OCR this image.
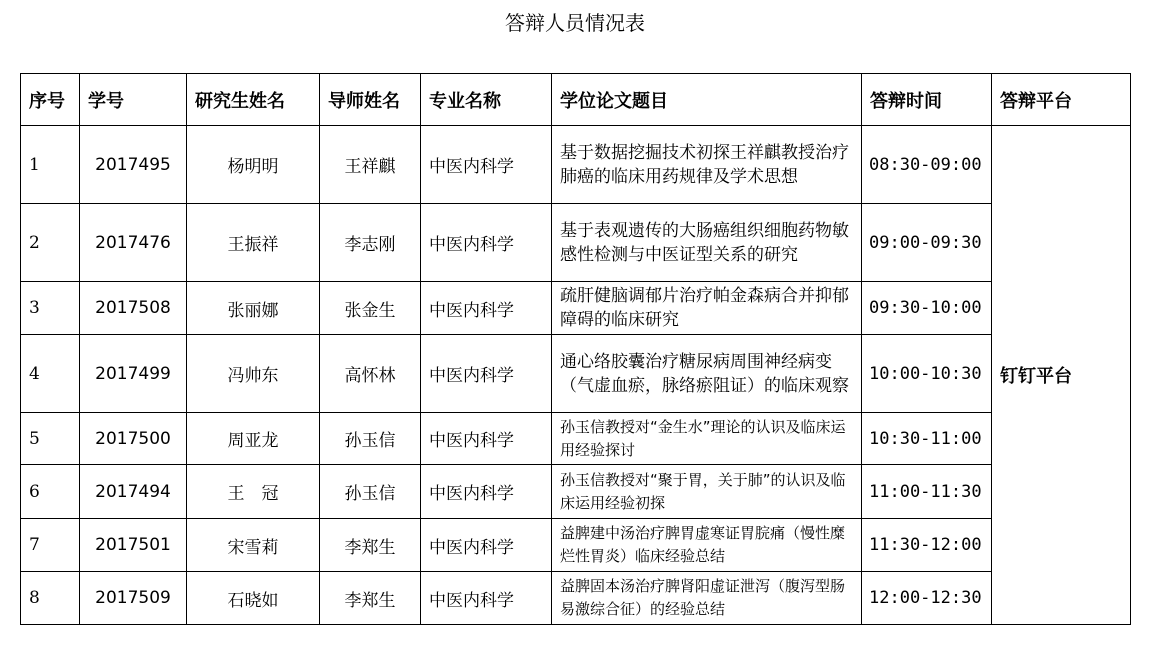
答辩人员情况表
序号	学号	研究生姓名	导师姓名	专业名称	学位论文题目	答辩时间	答辩平台
1	2017495	杨明明	王祥麒	中医内科学	基于数据挖掘技术初探王祥麒教授治疗肺癌的临床用药规律及学术思想	08:30-09:00	钉钉平台
2	2017476	王振祥	李志刚	中医内科学	基于表观遗传的大肠癌组织细胞药物敏感性检测与中医证型关系的研究	09:00-09:30	
3	2017508	张丽娜	张金生	中医内科学	疏肝健脑调郁片治疗帕金森病合并抑郁障碍的临床研究	09:30-10:00	
4	2017499	冯帅东	高怀林	中医内科学	通心络胶囊治疗糖尿病周围神经病变（气虚血瘀，脉络瘀阻证）的临床观察	10:00-10:30	
5	2017500	周亚龙	孙玉信	中医内科学	孙玉信教授对“金生水”理论的认识及临床运用经验探讨	10:30-11:00	
6	2017494	王　冠	孙玉信	中医内科学	孙玉信教授对“聚于胃，关于肺”的认识及临床运用经验初探	11:00-11:30	
7	2017501	宋雪莉	李郑生	中医内科学	益脾建中汤治疗脾胃虚寒证胃脘痛（慢性糜烂性胃炎）临床经验总结	11:30-12:00	
8	2017509	石晓如	李郑生	中医内科学	益脾固本汤治疗脾肾阳虚证泄泻（腹泻型肠易激综合征）的经验总结	12:00-12:30	
